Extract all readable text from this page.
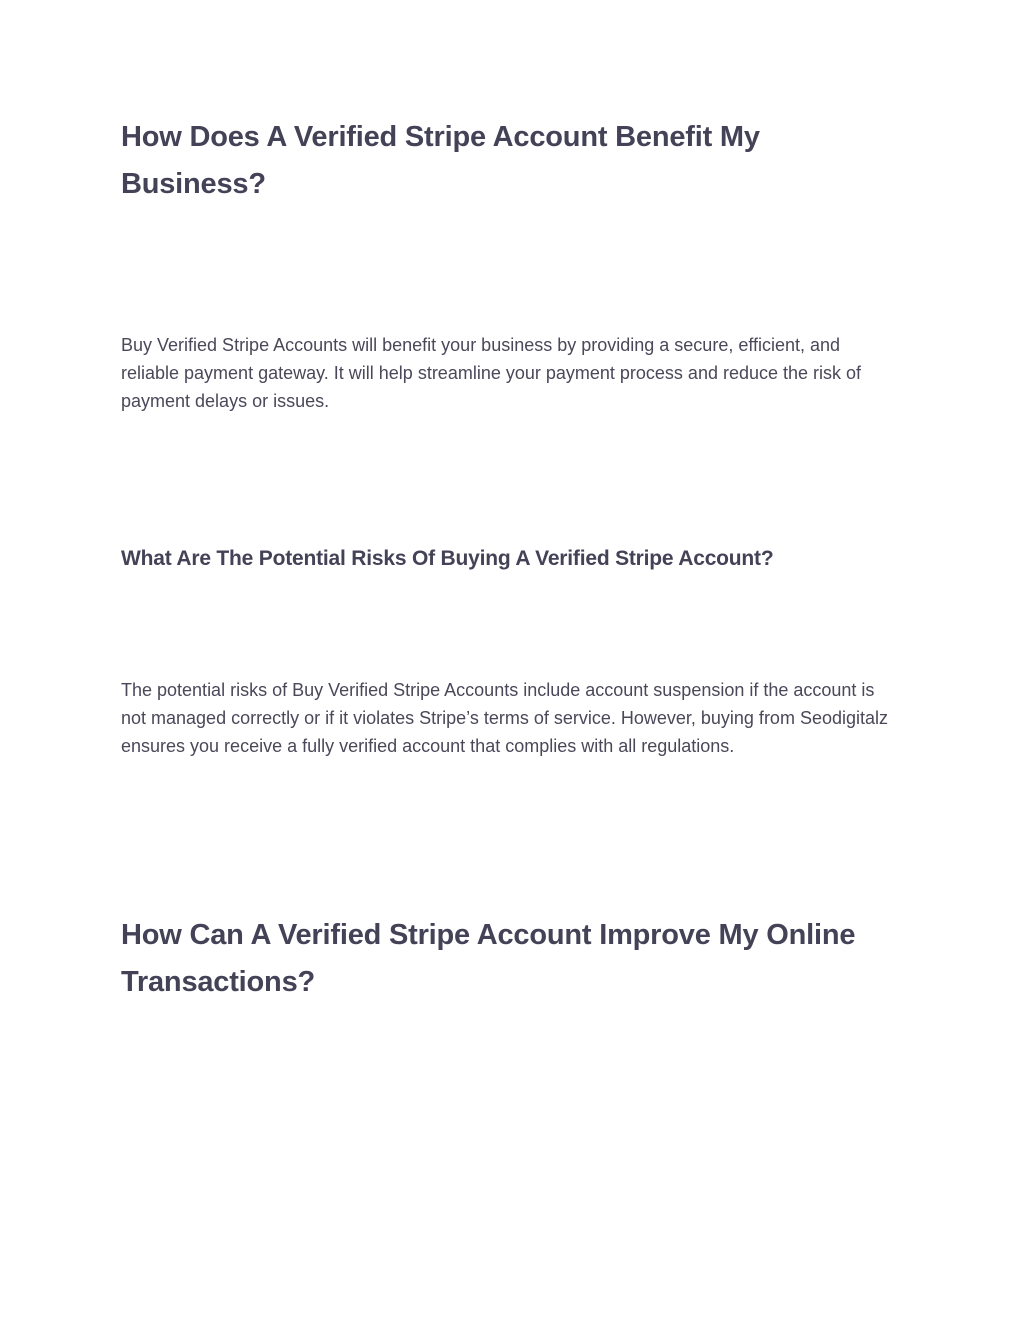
How Does A Verified Stripe Account Benefit My Business?

Buy Verified Stripe Accounts will benefit your business by providing a secure, efficient, and reliable payment gateway. It will help streamline your payment process and reduce the risk of payment delays or issues.

What Are The Potential Risks Of Buying A Verified Stripe Account?

The potential risks of Buy Verified Stripe Accounts include account suspension if the account is not managed correctly or if it violates Stripe’s terms of service. However, buying from Seodigitalz ensures you receive a fully verified account that complies with all regulations.

How Can A Verified Stripe Account Improve My Online Transactions?
